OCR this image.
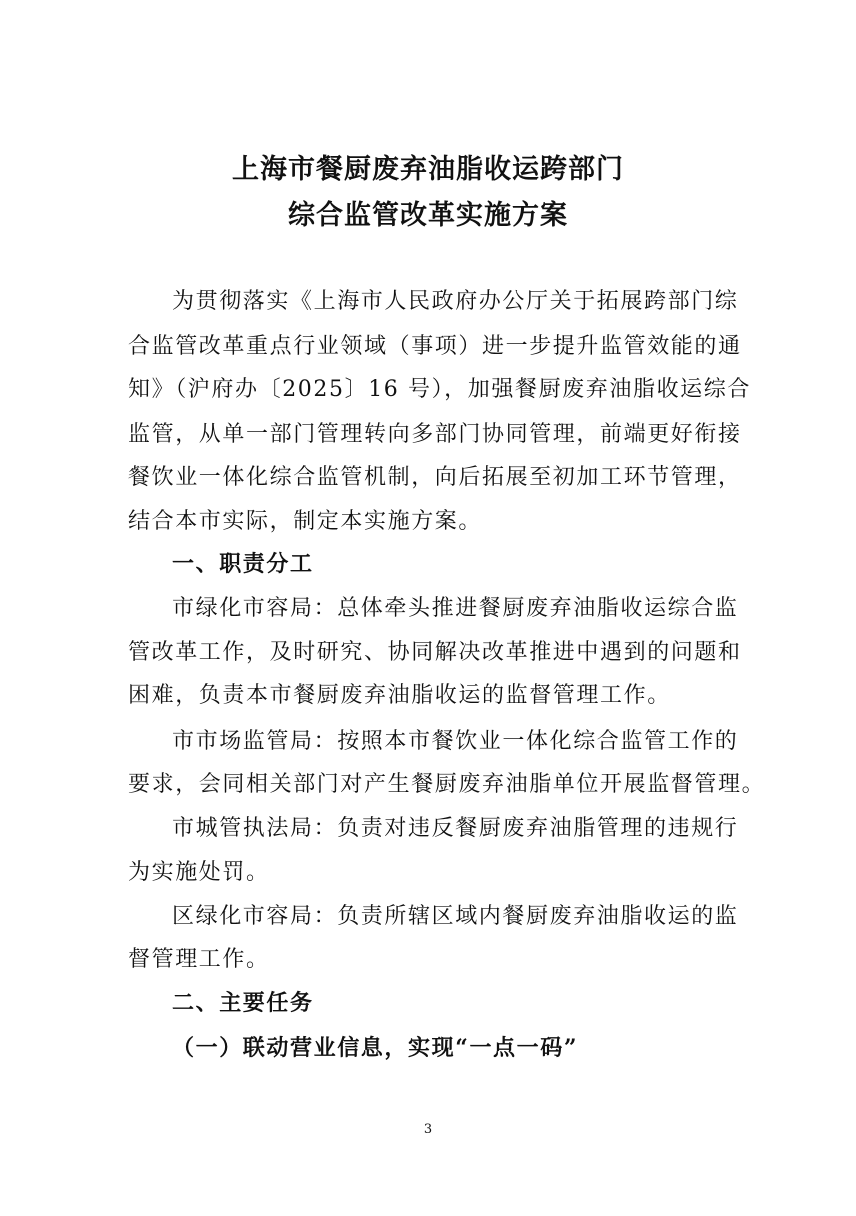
上海市餐厨废弃油脂收运跨部门
综合监管改革实施方案
为贯彻落实《上海市人民政府办公厅关于拓展跨部门综
合监管改革重点行业领域（事项）进一步提升监管效能的通
知》（沪府办〔2025〕16 号），加强餐厨废弃油脂收运综合
监管，从单一部门管理转向多部门协同管理，前端更好衔接
餐饮业一体化综合监管机制，向后拓展至初加工环节管理，
结合本市实际，制定本实施方案。
一、职责分工
市绿化市容局：总体牵头推进餐厨废弃油脂收运综合监
管改革工作，及时研究、协同解决改革推进中遇到的问题和
困难，负责本市餐厨废弃油脂收运的监督管理工作。
市市场监管局：按照本市餐饮业一体化综合监管工作的
要求，会同相关部门对产生餐厨废弃油脂单位开展监督管理。
市城管执法局：负责对违反餐厨废弃油脂管理的违规行
为实施处罚。
区绿化市容局：负责所辖区域内餐厨废弃油脂收运的监
督管理工作。
二、主要任务
（一）联动营业信息，实现“一点一码”
3
